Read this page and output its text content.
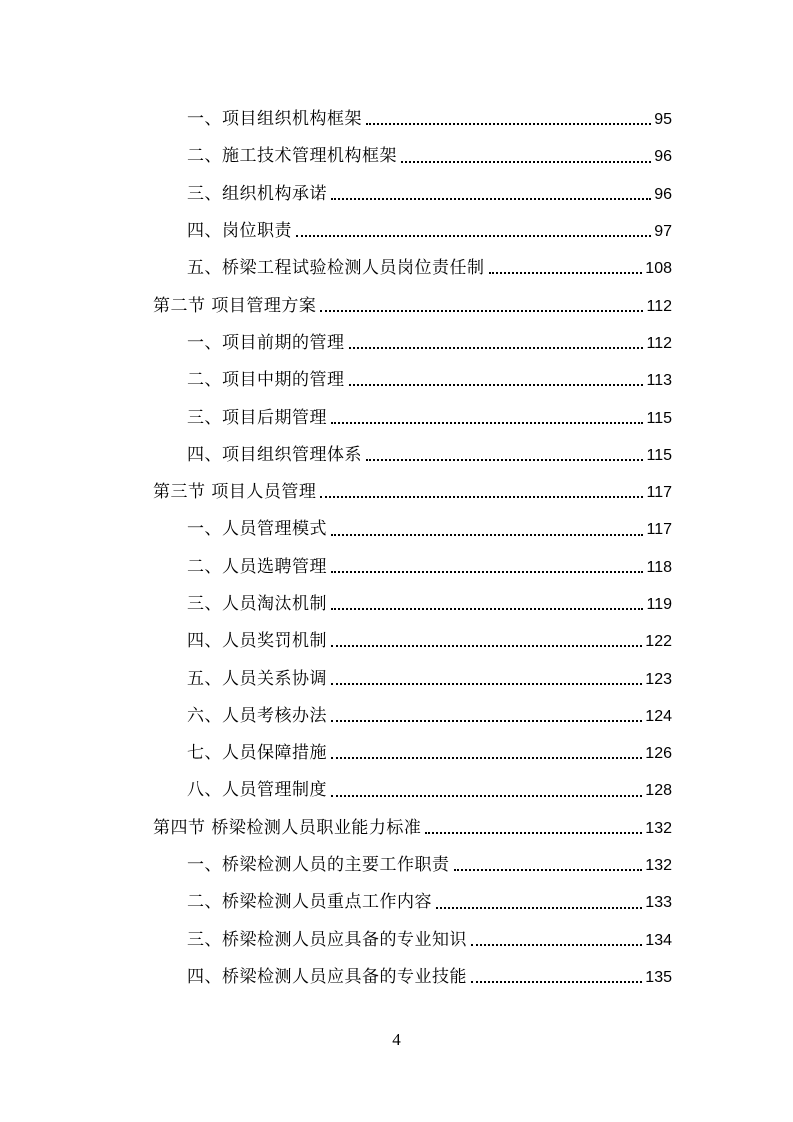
一、项目组织机构框架	95
二、施工技术管理机构框架	96
三、组织机构承诺	96
四、岗位职责	97
五、桥梁工程试验检测人员岗位责任制	108
第二节 项目管理方案	112
一、项目前期的管理	112
二、项目中期的管理	113
三、项目后期管理	115
四、项目组织管理体系	115
第三节 项目人员管理	117
一、人员管理模式	117
二、人员选聘管理	118
三、人员淘汰机制	119
四、人员奖罚机制	122
五、人员关系协调	123
六、人员考核办法	124
七、人员保障措施	126
八、人员管理制度	128
第四节 桥梁检测人员职业能力标准	132
一、桥梁检测人员的主要工作职责	132
二、桥梁检测人员重点工作内容	133
三、桥梁检测人员应具备的专业知识	134
四、桥梁检测人员应具备的专业技能	135
4
